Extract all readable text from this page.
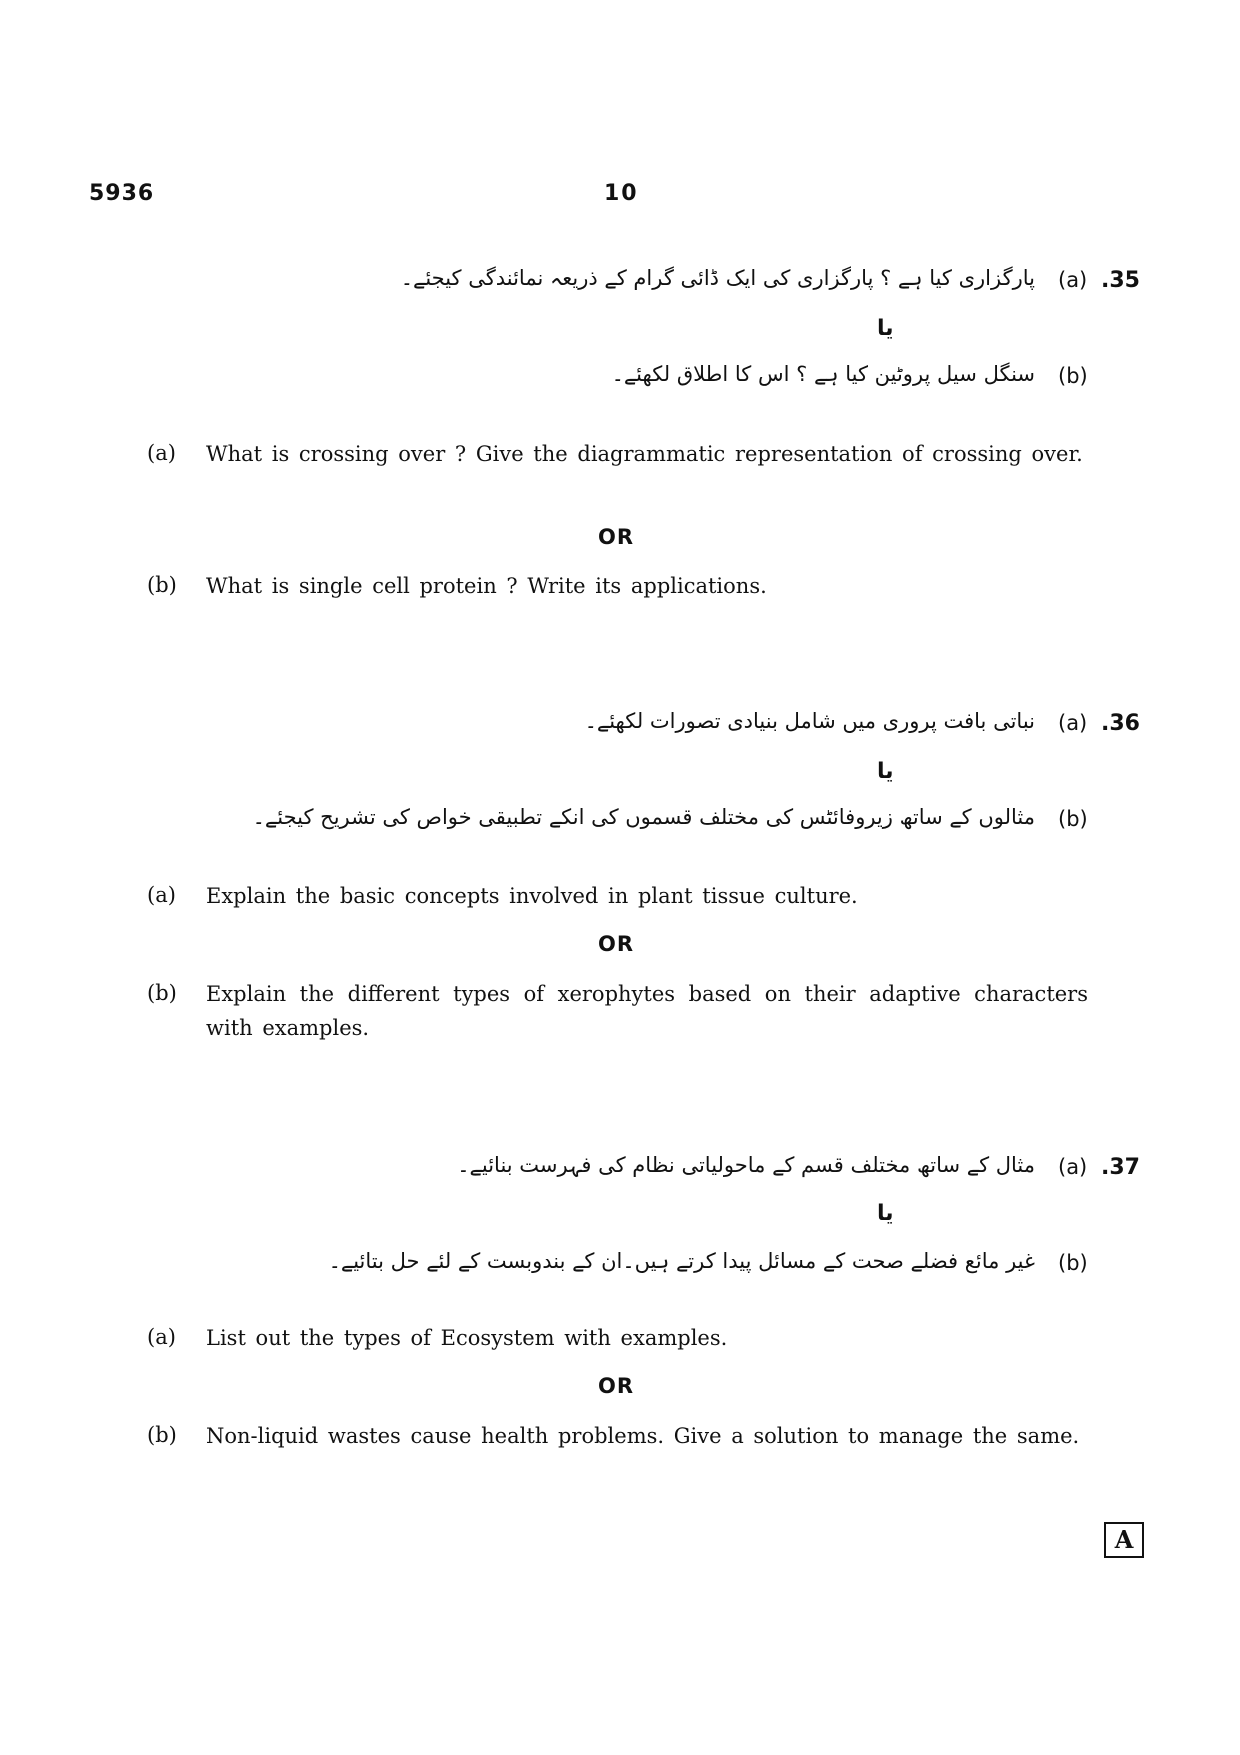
5936	10
.35
(a)
پارگزاری کیا ہے ؟ پارگزاری کی ایک ڈائی گرام کے ذریعہ نمائندگی کیجئے۔
یا
(b)
سنگل سیل پروٹین کیا ہے ؟ اس کا اطلاق لکھئے۔
(a) What is crossing over ? Give the diagrammatic representation of crossing over.
OR
(b) What is single cell protein ? Write its applications.
.36
(a)
نباتی بافت پروری میں شامل بنیادی تصورات لکھئے۔
یا
(b)
مثالوں کے ساتھ زیروفائٹس کی مختلف قسموں کی انکے تطبیقی خواص کی تشریح کیجئے۔
(a) Explain the basic concepts involved in plant tissue culture.
OR
(b) Explain the different types of xerophytes based on their adaptive characters with examples.
.37
(a)
مثال کے ساتھ مختلف قسم کے ماحولیاتی نظام کی فہرست بنائیے۔
یا
(b)
غیر مائع فضلے صحت کے مسائل پیدا کرتے ہیں۔ان کے بندوبست کے لئے حل بتائیے۔
(a) List out the types of Ecosystem with examples.
OR
(b) Non-liquid wastes cause health problems. Give a solution to manage the same.
A
